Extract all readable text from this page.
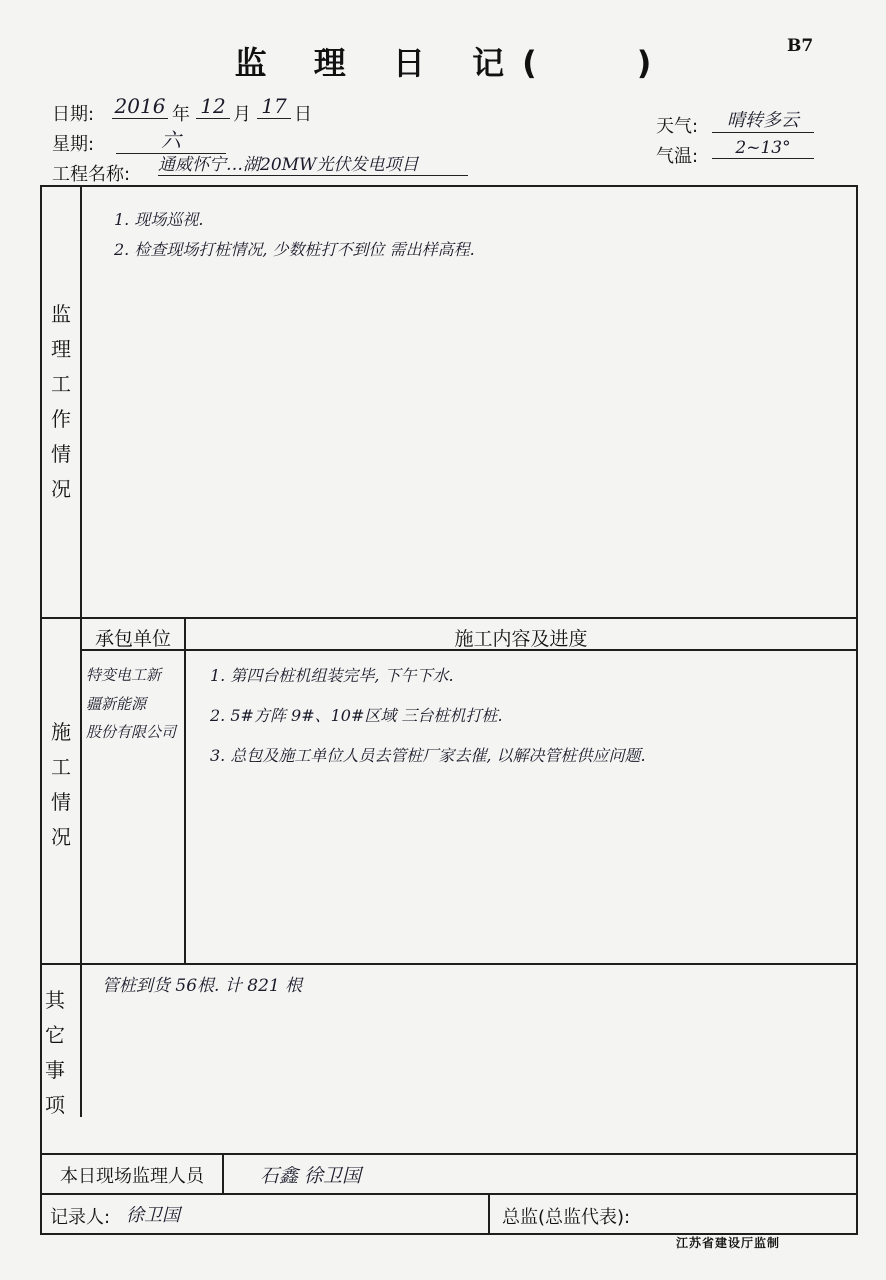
B7
监 理 日 记(	)
日期: 2016 年 12 月 17 日
星期:	六
工程名称: 通威怀宁…湖20MW光伏发电项目
天气:	晴转多云
气温:	2~13°
监
理
工
作
情
况
1. 现场巡视.
2. 检查现场打桩情况, 少数桩打不到位 需出样高程.
施
工
情
况
承包单位	施工内容及进度
特变电工新
疆新能源
股份有限公司
1. 第四台桩机组装完毕, 下午下水.
2. 5#方阵 9#、10#区域 三台桩机打桩.
3. 总包及施工单位人员去管桩厂家去催, 以解决管桩供应问题.
其
它
事
项
管桩到货 56根. 计 821 根
本日现场监理人员	石鑫 徐卫国
记录人: 徐卫国	总监(总监代表):
江苏省建设厅监制
